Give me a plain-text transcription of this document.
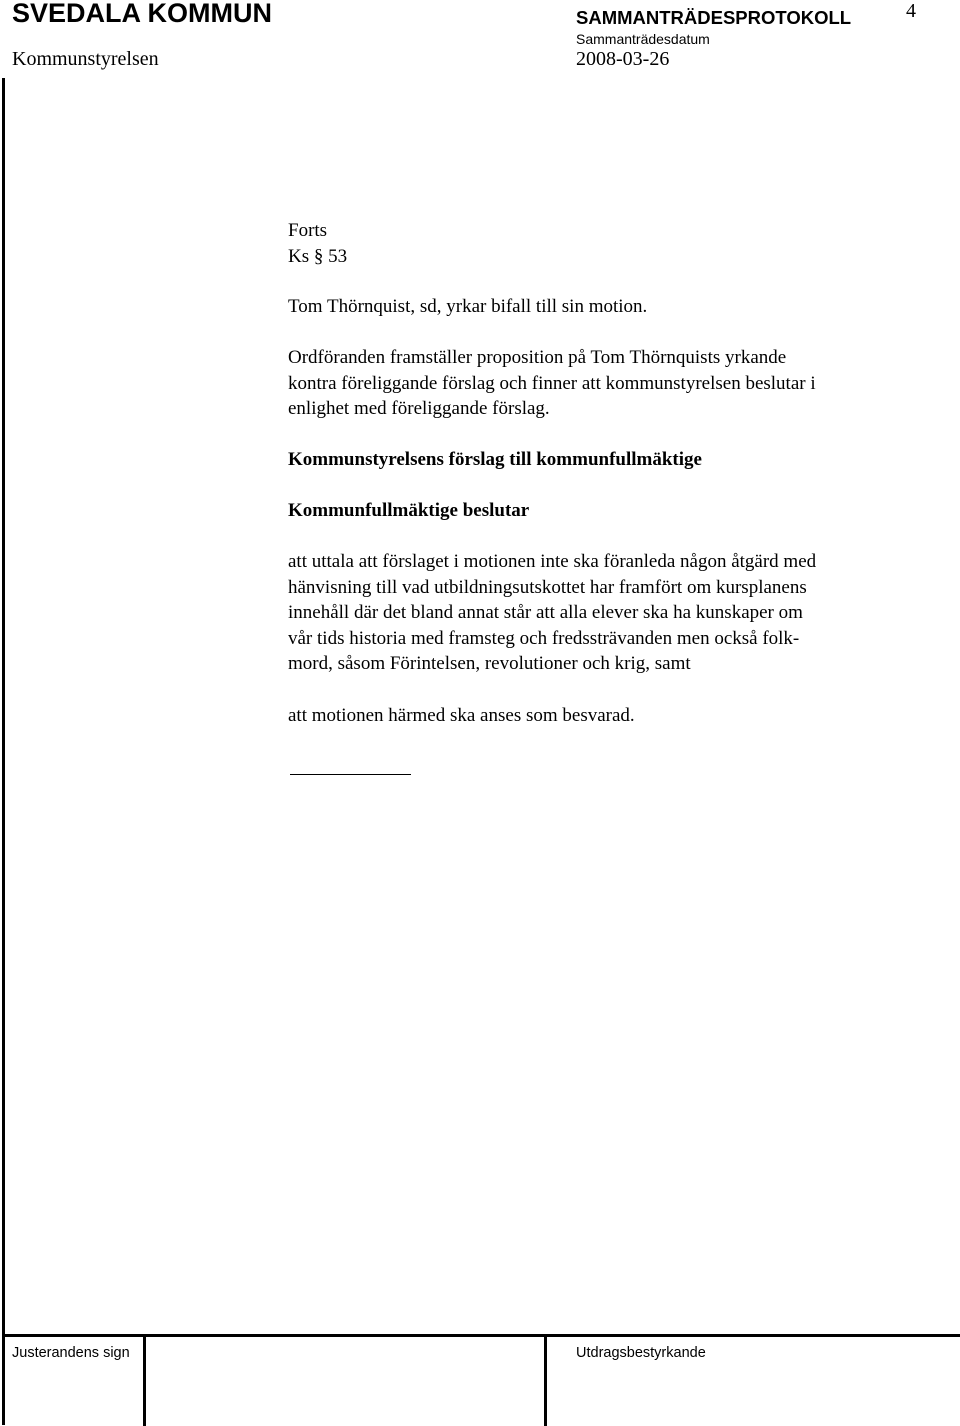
SVEDALA KOMMUN	SAMMANTRÄDESPROTOKOLL	4
Kommunstyrelsen
Sammanträdesdatum
2008-03-26
Forts
Ks § 53
Tom Thörnquist, sd, yrkar bifall till sin motion.
Ordföranden framställer proposition på Tom Thörnquists yrkande
kontra föreliggande förslag och finner att kommunstyrelsen beslutar i
enlighet med föreliggande förslag.
Kommunstyrelsens förslag till kommunfullmäktige
Kommunfullmäktige beslutar
att uttala att förslaget i motionen inte ska föranleda någon åtgärd med
hänvisning till vad utbildningsutskottet har framfört om kursplanens
innehåll där det bland annat står att alla elever ska ha kunskaper om
vår tids historia med framsteg och fredssträvanden men också folk-
mord, såsom Förintelsen, revolutioner och krig, samt
att motionen härmed ska anses som besvarad.
Justerandens sign	Utdragsbestyrkande
